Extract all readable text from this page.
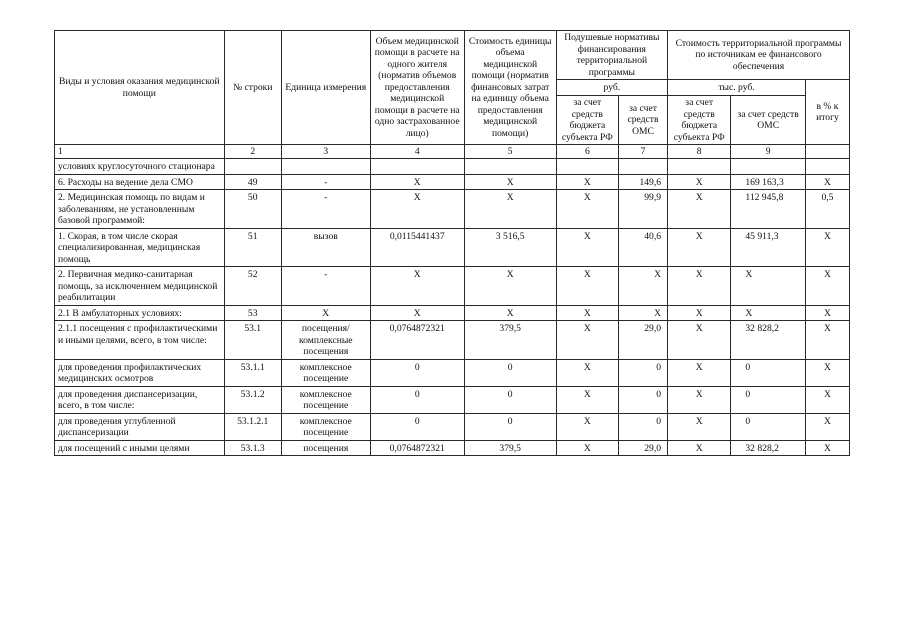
Виды и условия оказания медицинской помощи	№ строки	Единица измерения	Объем медицинской помощи в расчете на одного жителя (норматив объемов предоставления медицинской помощи в расчете на одно застрахованное лицо)	Стоимость единицы объема медицинской помощи (норматив финансовых затрат на единицу объема предоставления медицинской помощи)	Подушевые нормативы финансирования территориальной программы		Стоимость территориальной программы по источникам ее финансового обеспечения		
					руб.		тыс. руб.		в % к итогу
					за счет средств бюджета субъекта РФ	за счет средств ОМС	за счет средств бюджета субъекта РФ	за счет средств ОМС	
1	2	3	4	5	6	7	8	9	
условиях круглосуточного стационара									
6. Расходы на ведение дела СМО	49	-	X	X	X	149,6	X	169 163,3	X
2. Медицинская помощь по видам и заболеваниям, не установленным базовой программой:	50	-	X	X	X	99,9	X	112 945,8	0,5
1. Скорая, в том числе скорая специализированная, медицинская помощь	51	вызов	0,0115441437	3 516,5	X	40,6	X	45 911,3	X
2. Первичная медико-санитарная помощь, за исключением медицинской реабилитации	52	-	X	X	X	X	X	X	X
2.1 В амбулаторных условиях:	53	X	X	X	X	X	X	X	X
2.1.1 посещения с профилактическими и иными целями, всего, в том числе:	53.1	посещения/ комплексные посещения	0,0764872321	379,5	X	29,0	X	32 828,2	X
для проведения профилактических медицинских осмотров	53.1.1	комплексное посещение	0	0	X	0	X	0	X
для проведения диспансеризации, всего, в том числе:	53.1.2	комплексное посещение	0	0	X	0	X	0	X
для проведения углубленной диспансеризации	53.1.2.1	комплексное посещение	0	0	X	0	X	0	X
для посещений с иными целями	53.1.3	посещения	0,0764872321	379,5	X	29,0	X	32 828,2	X
